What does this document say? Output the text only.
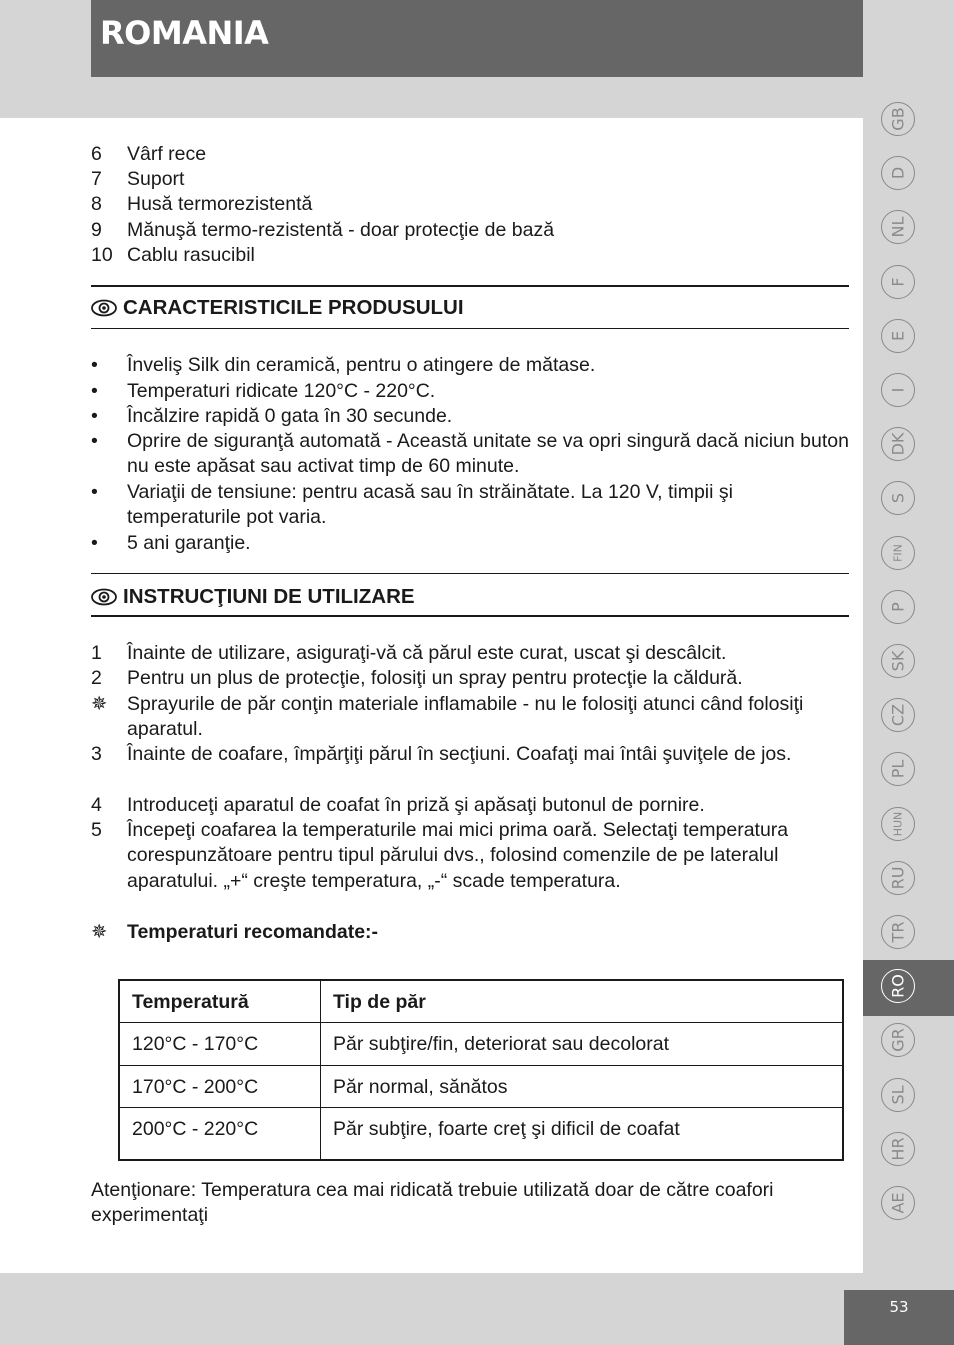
ROMANIA
6 Vârf rece
7 Suport
8 Husă termorezistentă
9 Mănuşă termo-rezistentă - doar protecţie de bază
10 Cablu rasucibil
CARACTERISTICILE PRODUSULUI
• Înveliş Silk din ceramică, pentru o atingere de mătase.
• Temperaturi ridicate 120°C - 220°C.
• Încălzire rapidă 0 gata în 30 secunde.
• Oprire de siguranţă automată - Această unitate se va opri singură dacă niciun buton nu este apăsat sau activat timp de 60 minute.
• Variaţii de tensiune: pentru acasă sau în străinătate. La 120 V, timpii şi temperaturile pot varia.
• 5 ani garanţie.
INSTRUCŢIUNI DE UTILIZARE
1 Înainte de utilizare, asiguraţi-vă că părul este curat, uscat şi descâlcit.
2 Pentru un plus de protecţie, folosiţi un spray pentru protecţie la căldură.
✵ Sprayurile de păr conţin materiale inflamabile - nu le folosiţi atunci când folosiţi aparatul.
3 Înainte de coafare, împărţiţi părul în secţiuni. Coafaţi mai întâi şuviţele de jos.
4 Introduceţi aparatul de coafat în priză şi apăsaţi butonul de pornire.
5 Începeţi coafarea la temperaturile mai mici prima oară. Selectaţi temperatura corespunzătoare pentru tipul părului dvs., folosind comenzile de pe lateralul aparatului. „+“ creşte temperatura, „-“ scade temperatura.
✵ Temperaturi recomandate:-
Temperatură	Tip de păr
120°C - 170°C	Păr subţire/fin, deteriorat sau decolorat
170°C - 200°C	Păr normal, sănătos
200°C - 220°C	Păr subţire, foarte creţ şi dificil de coafat
Atenţionare: Temperatura cea mai ridicată trebuie utilizată doar de către coafori experimentaţi
GB
D
NL
F
E
I
DK
S
FIN
P
SK
CZ
PL
HUN
RU
TR
RO
GR
SL
HR
AE
53
